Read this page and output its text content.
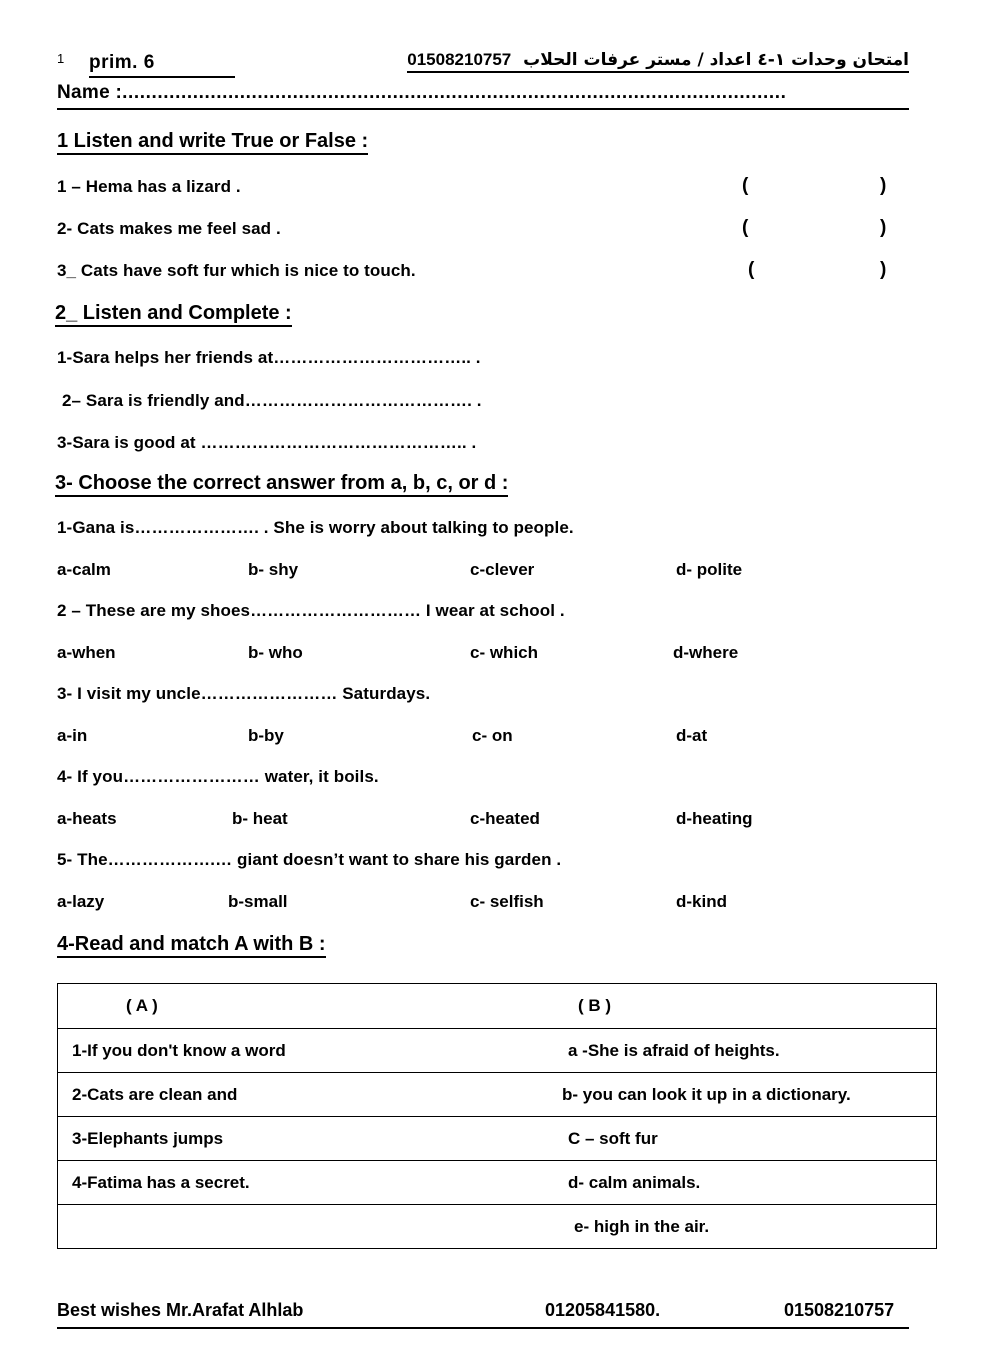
1 prim. 6	امتحان وحدات ١-٤ اعداد / مستر عرفات الحلاب  01508210757
Name :.................................................................................................................
1 Listen and write True or False :
1 – Hema has a lizard .	(	)
2- Cats makes me feel sad .	(	)
3_ Cats have soft fur which is nice to touch.	(	)
2_ Listen and Complete :
1-Sara helps her friends at…………………………….. .
2– Sara is friendly and…………………………………. .
3-Sara is good at ……………………………………….. .
3- Choose the correct answer from a, b, c, or d :
1-Gana is…………………. . She is worry about talking to people.
a-calm	b- shy	c-clever	d- polite
2 – These are my shoes………………………… I wear at school .
a-when	b- who	c- which	d-where
3- I visit my uncle…………………… Saturdays.
a-in	b-by	c- on	d-at
4- If you…………………… water, it boils.
a-heats	b- heat	c-heated	d-heating
5- The……………….… giant doesn’t want to share his garden .
a-lazy	b-small	c- selfish	d-kind
4-Read and match A with B :
( A )	( B )
1-If you don't know a word	a -She is afraid of heights.
2-Cats are clean and	b- you can look it up in a dictionary.
3-Elephants jumps	C – soft fur
4-Fatima has a secret.	d- calm animals.
	e- high in the air.
Best wishes Mr.Arafat Alhlab	01205841580.	01508210757
